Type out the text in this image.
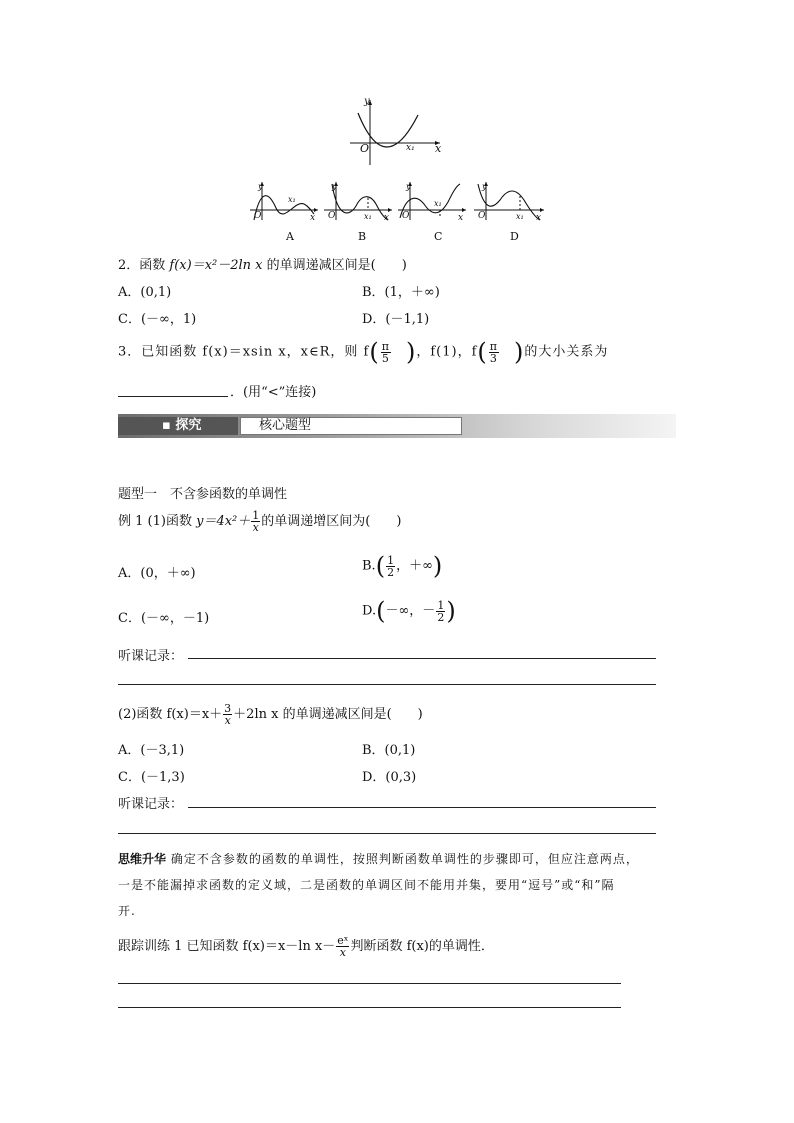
y
x
O	x₁
O
x₁
x
y
O	x₁ x
y
O
x₁
x
y
O	x₁ x
y
A	B	C	D
2．函数 f(x)＝x²－2ln x 的单调递减区间是(　　)
A．(0,1)	B．(1，＋∞)
C．(－∞，1)	D．(－1,1)
3．已知函数 f(x)＝xsin x，x∈R，则 $f( \frac{\pi}{5}$ )，f(1)，$f( \frac{\pi}{3}$ )的大小关系为
．(用“<”连接)
▪ 探究	核心题型
题型一　不含参函数的单调性
例 1 (1)函数 $y=4x^2+ \frac{1}{x}$ 的单调递增区间为(　　)
A．(0，＋∞)	$B.( \frac{1}{2}$ ，＋∞)
C．(－∞，－1)	D.(－∞，－ $\frac{1}{2}$ )
听课记录：
(2)函数 $f(x)=x+ \frac{3}{x} +2\ln$ x 的单调递减区间是(　　)
A．(－3,1)	B．(0,1)
C．(－1,3)	D．(0,3)
听课记录：
思维升华 确定不含参数的函数的单调性，按照判断函数单调性的步骤即可，但应注意两点，
一是不能漏掉求函数的定义域，二是函数的单调区间不能用并集，要用“逗号”或“和”隔
开.
跟踪训练 1 已知函数 f(x)＝x－ln $x- \frac{\text{eˣ}}{x}$ 判断函数 f(x)的单调性．
